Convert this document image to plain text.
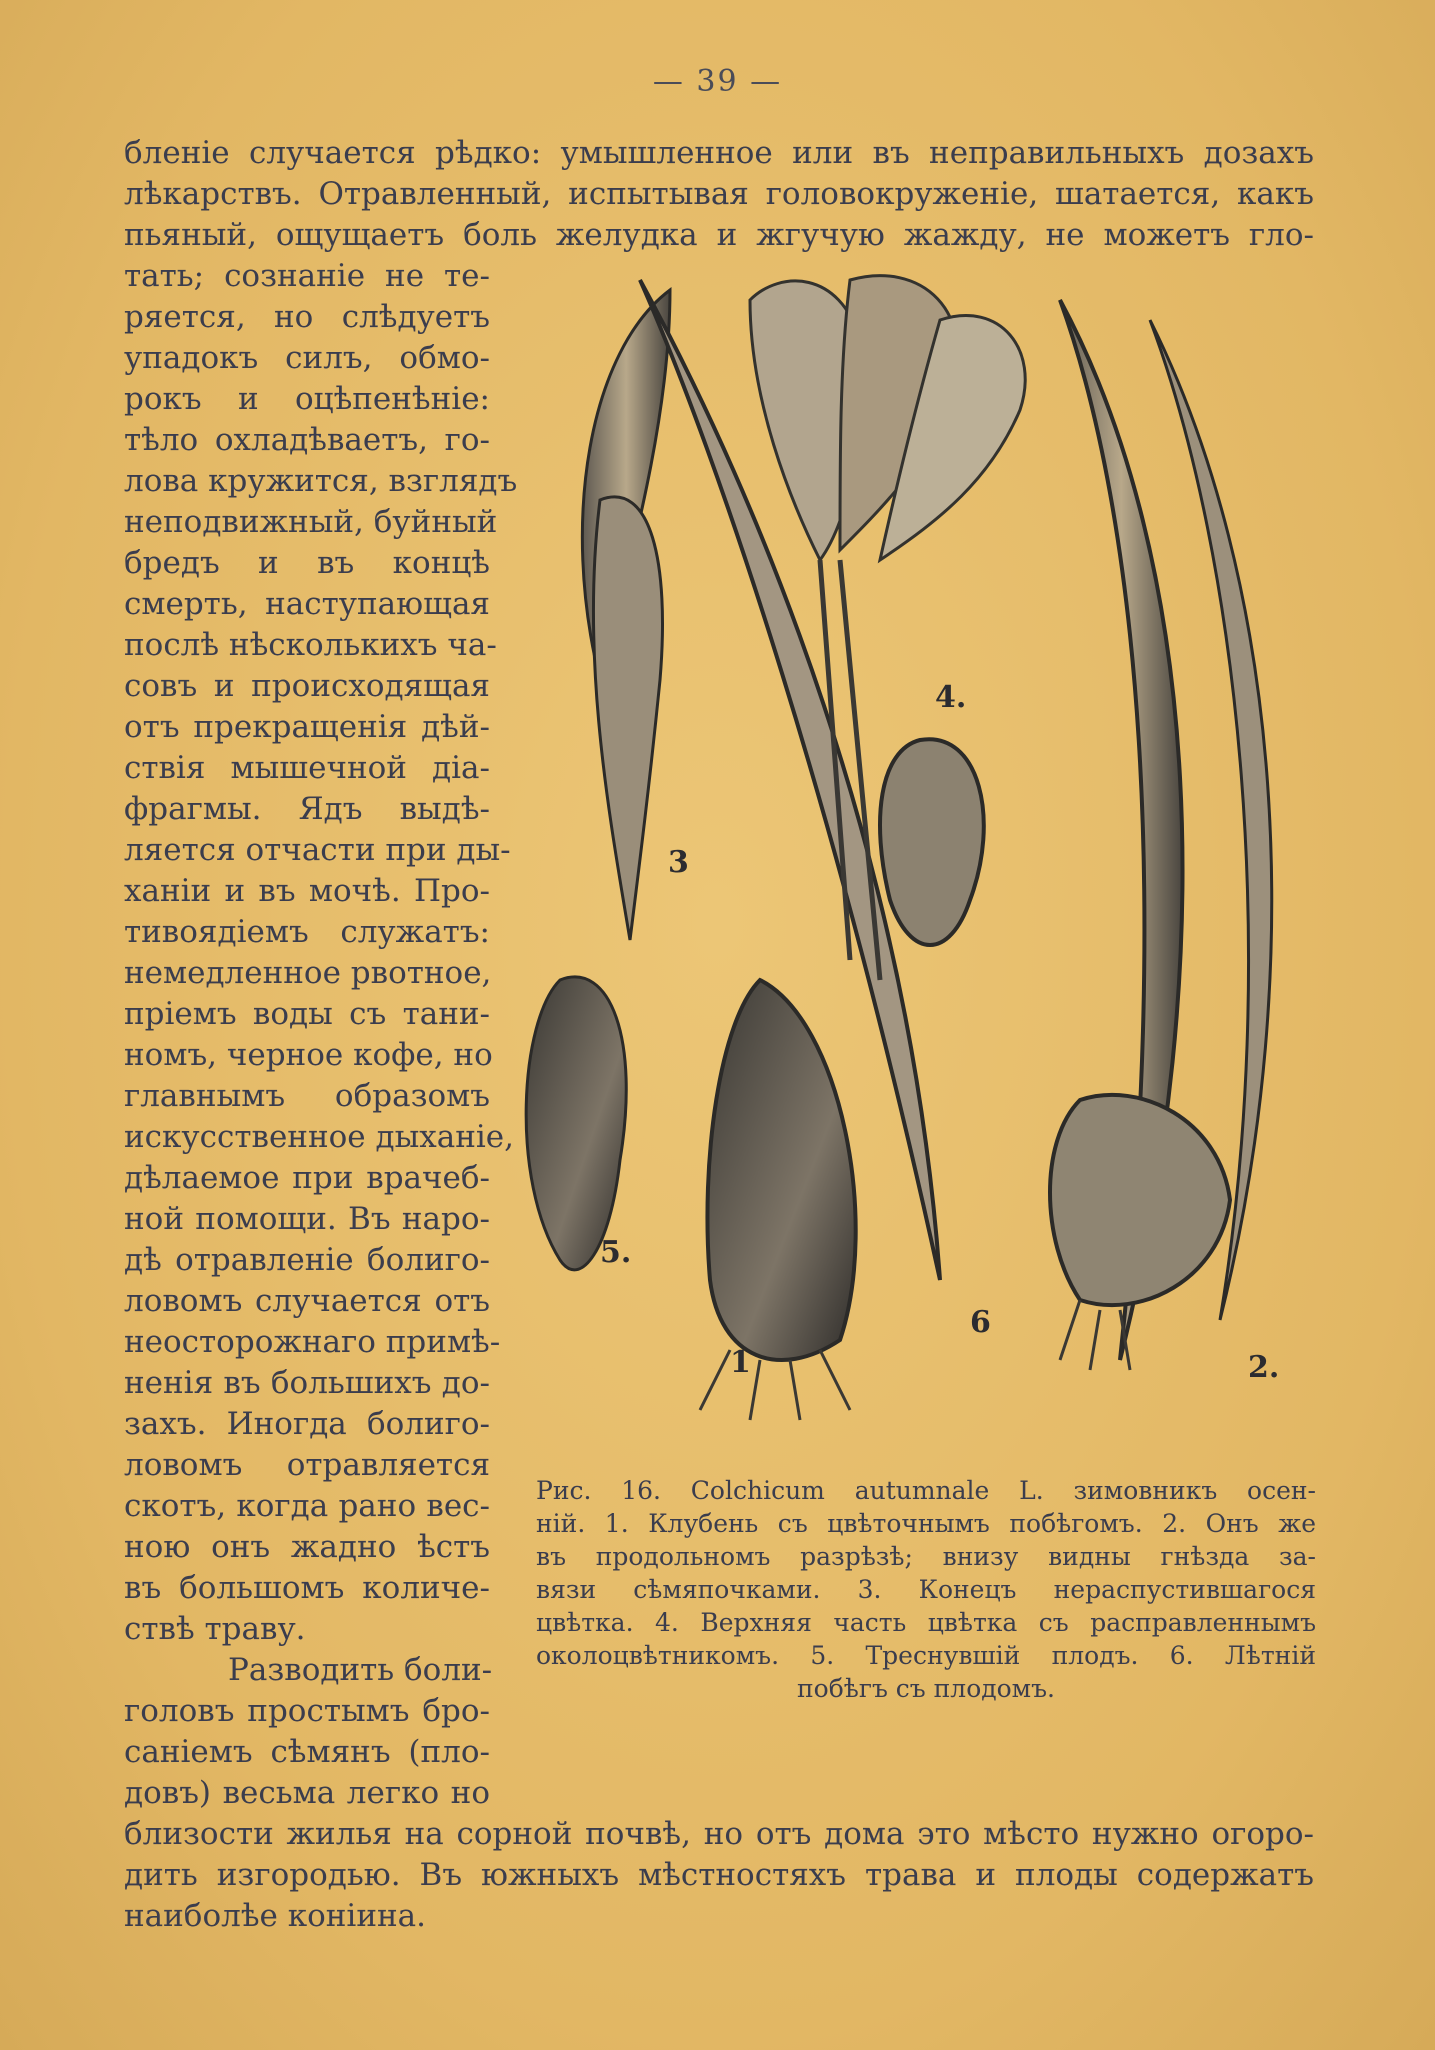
— 39 —
бленіе случается рѣдко: умышленное или въ неправильныхъ дозахъ
лѣкарствъ. Отравленный, испытывая головокруженіе, шатается, какъ
пьяный, ощущаетъ боль желудка и жгучую жажду, не можетъ гло-
тать; сознаніе не те-
ряется, но слѣдуетъ
упадокъ силъ, обмо-
рокъ и оцѣпенѣніе:
тѣло охладѣваетъ, го-
лова кружится, взглядъ
неподвижный, буйный
бредъ и въ концѣ
смерть, наступающая
послѣ нѣсколькихъ ча-
совъ и происходящая
отъ прекращенія дѣй-
ствія мышечной діа-
фрагмы. Ядъ выдѣ-
ляется отчасти при ды-
ханіи и въ мочѣ. Про-
тивоядіемъ служатъ:
немедленное рвотное,
пріемъ воды съ тани-
номъ, черное кофе, но
главнымъ образомъ
искусственное дыханіе,
дѣлаемое при врачеб-
ной помощи. Въ наро-
дѣ отравленіе болиго-
ловомъ случается отъ
неосторожнаго примѣ-
ненія въ большихъ до-
захъ. Иногда болиго-
ловомъ отравляется
скотъ, когда рано вес-
ною онъ жадно ѣстъ
въ большомъ количе-
ствѣ траву.
Разводить боли-
головъ простымъ бро-
саніемъ сѣмянъ (пло-
довъ) весьма легко но
4.
3
5.
6
1	2.
Рис. 16. Colchicum autumnale L. зимовникъ осен-
ній. 1. Клубень съ цвѣточнымъ побѣгомъ. 2. Онъ же
въ продольномъ разрѣзѣ; внизу видны гнѣзда за-
вязи сѣмяпочками. 3. Конецъ нераспустившагося
цвѣтка. 4. Верхняя часть цвѣтка съ расправленнымъ
околоцвѣтникомъ. 5. Треснувшій плодъ. 6. Лѣтній
побѣгъ съ плодомъ.
близости жилья на сорной почвѣ, но отъ дома это мѣсто нужно огоро-
дить изгородью. Въ южныхъ мѣстностяхъ трава и плоды содержатъ
наиболѣе конiина.
